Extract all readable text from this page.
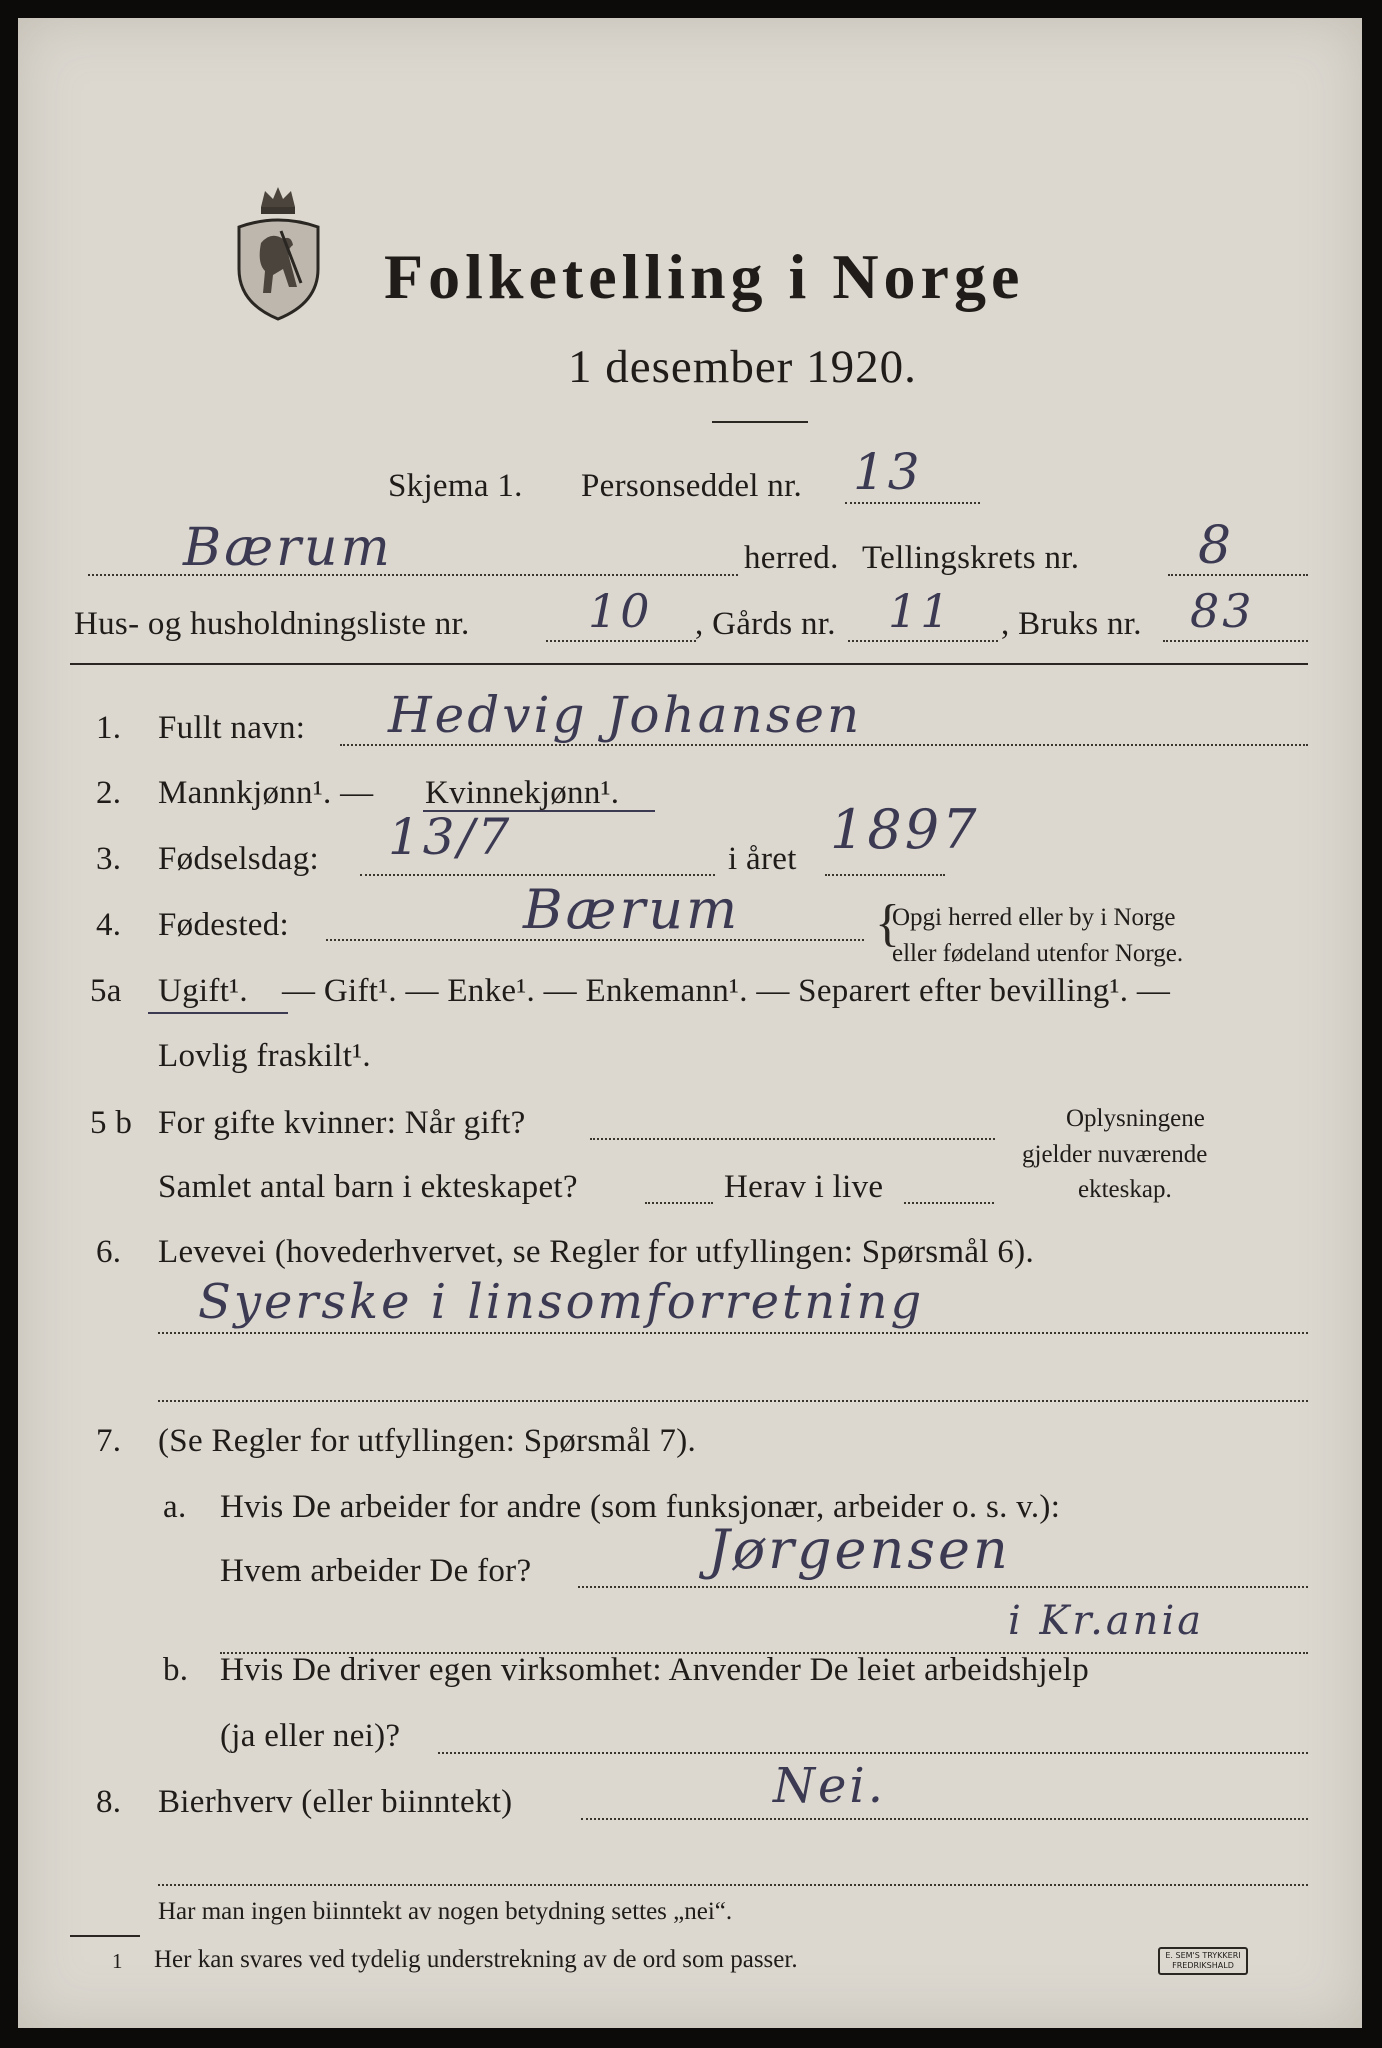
Folketelling i Norge
1 desember 1920.
Skjema 1. Personseddel nr. 13
Bærum	herred. Tellingskrets nr. 8
Hus- og husholdningsliste nr.	10 , Gårds nr. 11 , Bruks nr. 83
1. Fullt navn: Hedvig Johansen
2. Mannkjønn¹. — Kvinnekjønn¹.
3. Fødselsdag: 13/7	i året 1897
4. Fødested:	Bærum	{
Opgi herred eller by i Norge
eller fødeland utenfor Norge.
5a Ugift¹. — Gift¹. — Enke¹. — Enkemann¹. — Separert efter bevilling¹. —
Lovlig fraskilt¹.
5 b For gifte kvinner: Når gift?
Samlet antal barn i ekteskapet?	Herav i live
Oplysningene
gjelder nuværende
ekteskap.
6. Levevei (hovederhvervet, se Regler for utfyllingen: Spørsmål 6).
Syerske i linsomforretning
7. (Se Regler for utfyllingen: Spørsmål 7).
a. Hvis De arbeider for andre (som funksjonær, arbeider o. s. v.):
Hvem arbeider De for?	Jørgensen
i Kr.ania
b. Hvis De driver egen virksomhet: Anvender De leiet arbeidshjelp
(ja eller nei)?
8. Bierhverv (eller biinntekt)	Nei.
Har man ingen biinntekt av nogen betydning settes „nei“.
1 Her kan svares ved tydelig understrekning av de ord som passer.	E. SEM'S TRYKKERI
FREDRIKSHALD
